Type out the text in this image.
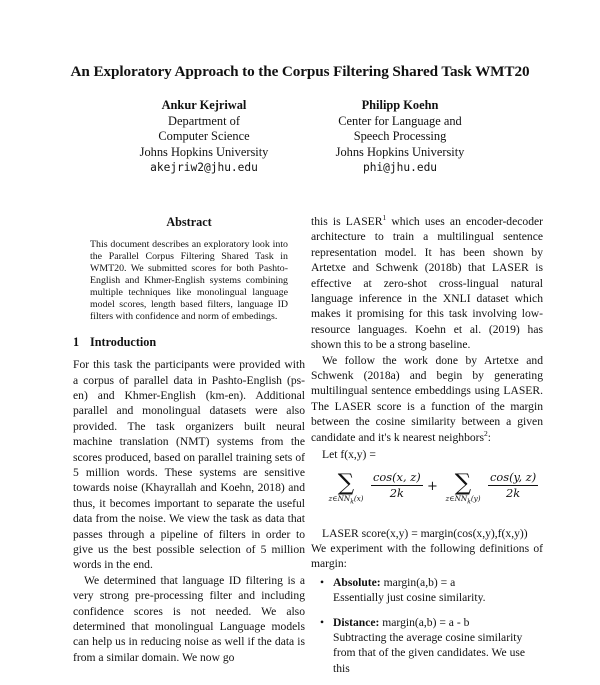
An Exploratory Approach to the Corpus Filtering Shared Task WMT20
Ankur Kejriwal
Department of
Computer Science
Johns Hopkins University
akejriw2@jhu.edu
Philipp Koehn
Center for Language and
Speech Processing
Johns Hopkins University
phi@jhu.edu
Abstract

This document describes an exploratory look into the Parallel Corpus Filtering Shared Task in WMT20. We submitted scores for both Pashto-English and Khmer-English systems combining multiple techniques like monolingual language model scores, length based filters, language ID filters with confidence and norm of embedings.

1 Introduction

For this task the participants were provided with a corpus of parallel data in Pashto-English (ps-en) and Khmer-English (km-en). Additional parallel and monolingual datasets were also provided. The task organizers built neural machine translation (NMT) systems from the scores produced, based on parallel training sets of 5 million words. These systems are sensitive towards noise (Khayrallah and Koehn, 2018) and thus, it becomes important to separate the useful data from the noise. We view the task as data that passes through a pipeline of filters in order to give us the best possible selection of 5 million words in the end.

We determined that language ID filtering is a very strong pre-processing filter and including confidence scores is not needed. We also determined that monolingual Language models can help us in reducing noise as well if the data is from a similar domain. We now go

this is LASER$^1$ which uses an encoder-decoder architecture to train a multilingual sentence representation model. It has been shown by Artetxe and Schwenk (2018b) that LASER is effective at zero-shot cross-lingual natural language inference in the XNLI dataset which makes it promising for this task involving low-resource languages. Koehn et al. (2019) has shown this to be a strong baseline.

We follow the work done by Artetxe and Schwenk (2018a) and begin by generating multilingual sentence embeddings using LASER. The LASER score is a function of the margin between the cosine similarity between a given candidate and it's k nearest neighbors$^2$:

Let f(x,y) =

∑
$z\in NN_k(x) \frac{\cos(x, z)}{2k}$ + ∑
$z\in NN_k(y) \frac{\cos(y, z)}{2k}$

LASER score(x,y) = margin(cos(x,y),f(x,y))

We experiment with the following definitions of margin:

• Absolute: margin(a,b) = a
Essentially just cosine similarity.
• Distance: margin(a,b) = a - b
Subtracting the average cosine similarity from that of the given candidates. We use this
